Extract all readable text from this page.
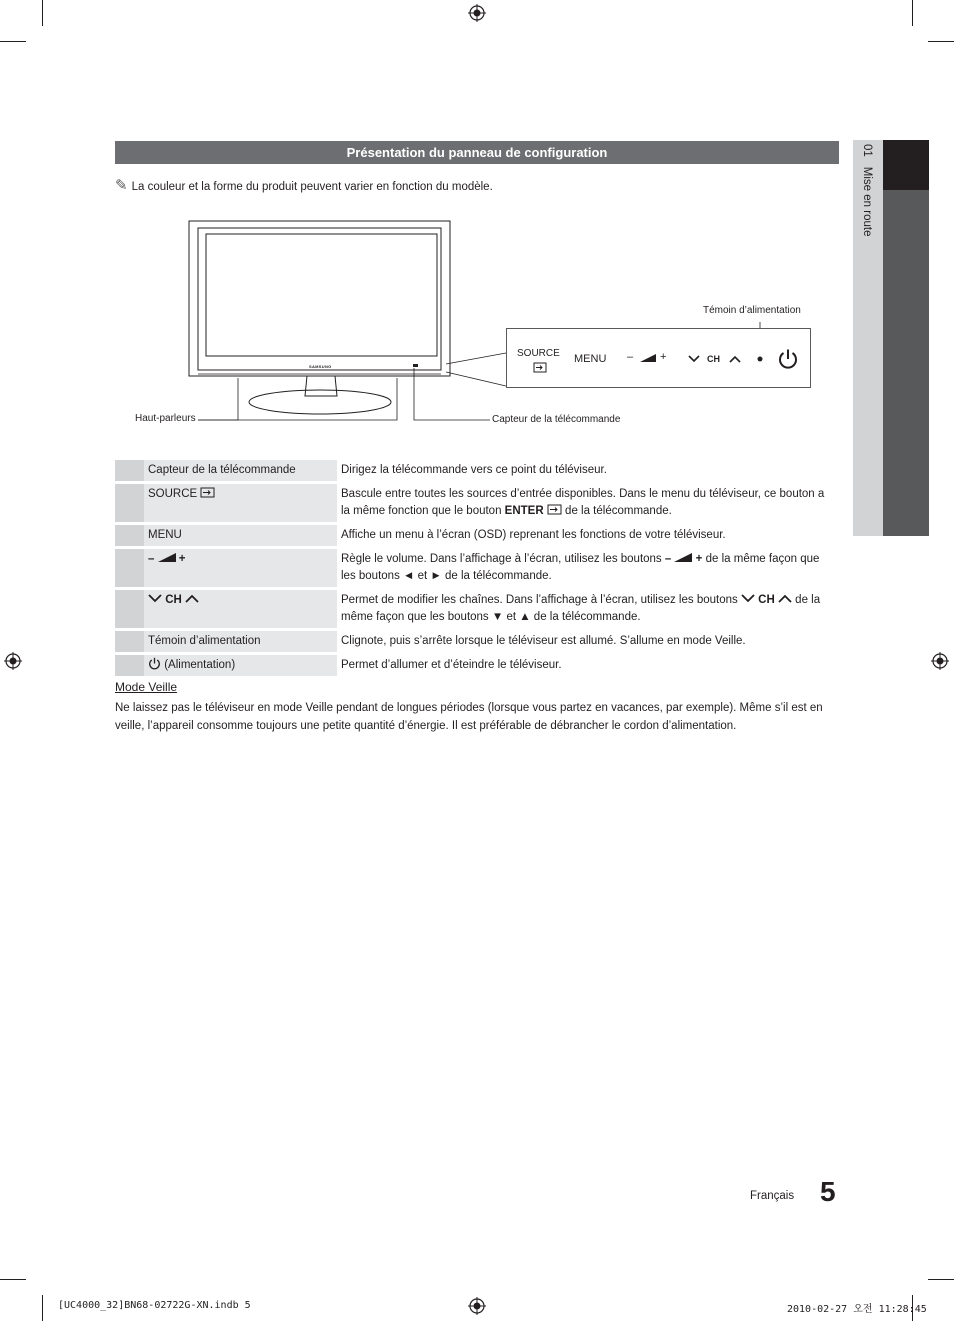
01Mise en route
Présentation du panneau de configuration
✎ La couleur et la forme du produit peuvent varier en fonction du modèle.
SAMSUNG
Haut-parleurs	Capteur de la télécommande
Témoin d’alimentation
SOURCE MENU – +	CH
	Capteur de la télécommande	Dirigez la télécommande vers ce point du téléviseur.
	SOURCE	Bascule entre toutes les sources d’entrée disponibles. Dans le menu du téléviseur, ce bouton a la même fonction que le bouton ENTER  de la télécommande.
	MENU	Affiche un menu à l’écran (OSD) reprenant les fonctions de votre téléviseur.
	–  +	Règle le volume. Dans l’affichage à l’écran, utilisez les boutons –  + de la même façon que les boutons ◄ et ► de la télécommande.
	CH	Permet de modifier les chaînes. Dans l’affichage à l’écran, utilisez les boutons  CH  de la même façon que les boutons ▼ et ▲ de la télécommande.
	Témoin d’alimentation	Clignote, puis s’arrête lorsque le téléviseur est allumé. S’allume en mode Veille.
	(Alimentation)	Permet d’allumer et d’éteindre le téléviseur.
Mode Veille
Ne laissez pas le téléviseur en mode Veille pendant de longues périodes (lorsque vous partez en vacances, par exemple). Même s’il est en veille, l’appareil consomme toujours une petite quantité d’énergie. Il est préférable de débrancher le cordon d’alimentation.
Français 5
[UC4000_32]BN68-02722G-XN.indb 5	2010-02-27 오전 11:28:45
